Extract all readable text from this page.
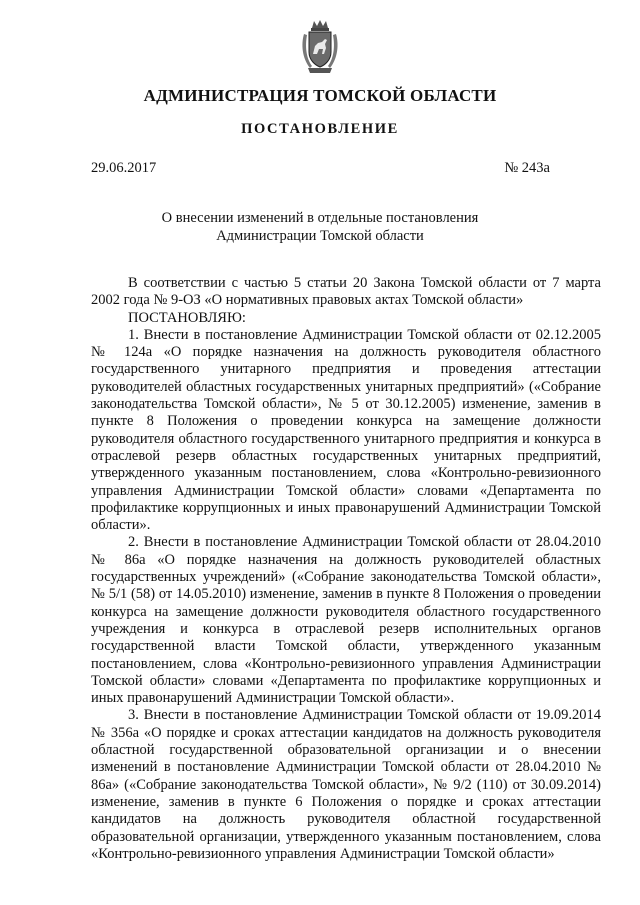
АДМИНИСТРАЦИЯ ТОМСКОЙ ОБЛАСТИ
ПОСТАНОВЛЕНИЕ
29.06.2017	№ 243а
О внесении изменений в отдельные постановления
Администрации Томской области

В соответствии с частью 5 статьи 20 Закона Томской области от 7 марта 2002 года № 9-ОЗ «О нормативных правовых актах Томской области»

ПОСТАНОВЛЯЮ:

1. Внести в постановление Администрации Томской области от 02.12.2005 № 124а «О порядке назначения на должность руководителя областного государственного унитарного предприятия и проведения аттестации руководителей областных государственных унитарных предприятий» («Собрание законодательства Томской области», № 5 от 30.12.2005) изменение, заменив в пункте 8 Положения о проведении конкурса на замещение должности руководителя областного государственного унитарного предприятия и конкурса в отраслевой резерв областных государственных унитарных предприятий, утвержденного указанным постановлением, слова «Контрольно-ревизионного управления Администрации Томской области» словами «Департамента по профилактике коррупционных и иных правонарушений Администрации Томской области».

2. Внести в постановление Администрации Томской области от 28.04.2010 № 86а «О порядке назначения на должность руководителей областных государственных учреждений» («Собрание законодательства Томской области», № 5/1 (58) от 14.05.2010) изменение, заменив в пункте 8 Положения о проведении конкурса на замещение должности руководителя областного государственного учреждения и конкурса в отраслевой резерв исполнительных органов государственной власти Томской области, утвержденного указанным постановлением, слова «Контрольно-ревизионного управления Администрации Томской области» словами «Департамента по профилактике коррупционных и иных правонарушений Администрации Томской области».

3. Внести в постановление Администрации Томской области от 19.09.2014 № 356а «О порядке и сроках аттестации кандидатов на должность руководителя областной государственной образовательной организации и о внесении изменений в постановление Администрации Томской области от 28.04.2010 № 86а» («Собрание законодательства Томской области», № 9/2 (110) от 30.09.2014) изменение, заменив в пункте 6 Положения о порядке и сроках аттестации кандидатов на должность руководителя областной государственной образовательной организации, утвержденного указанным постановлением, слова «Контрольно-ревизионного управления Администрации Томской области»
